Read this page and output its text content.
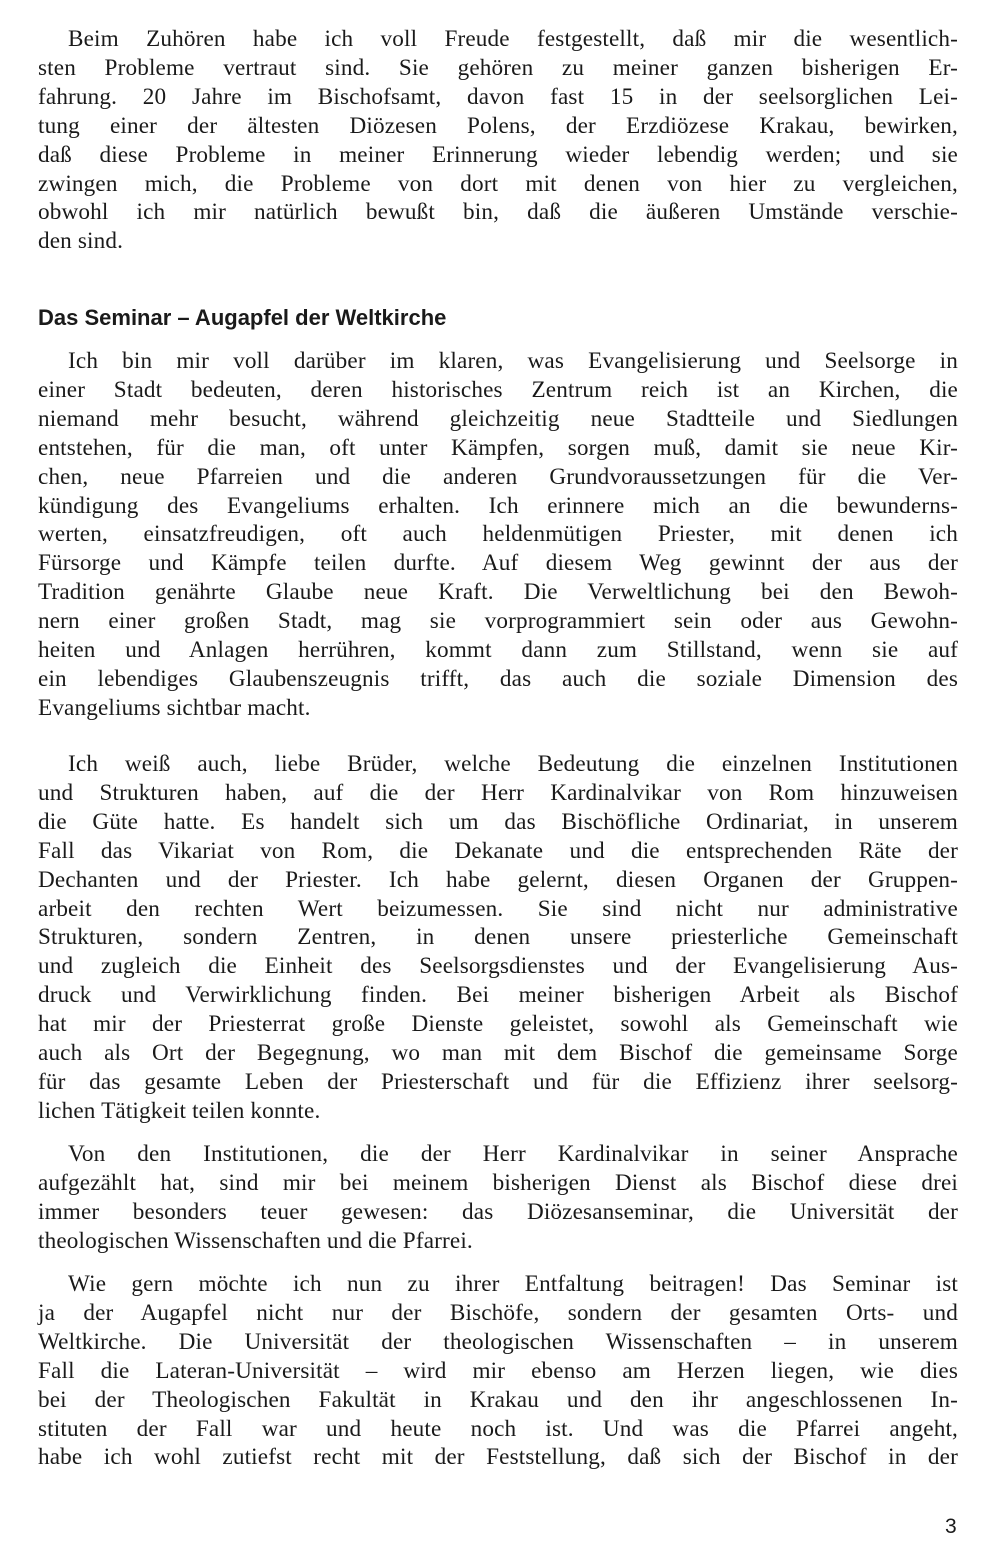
Beim Zuhören habe ich voll Freude festgestellt, daß mir die wesentlich-
sten Probleme vertraut sind. Sie gehören zu meiner ganzen bisherigen Er-
fahrung. 20 Jahre im Bischofsamt, davon fast 15 in der seelsorglichen Lei-
tung einer der ältesten Diözesen Polens, der Erzdiözese Krakau, bewirken,
daß diese Probleme in meiner Erinnerung wieder lebendig werden; und sie
zwingen mich, die Probleme von dort mit denen von hier zu vergleichen,
obwohl ich mir natürlich bewußt bin, daß die äußeren Umstände verschie-
den sind.
Das Seminar – Augapfel der Weltkirche
Ich bin mir voll darüber im klaren, was Evangelisierung und Seelsorge in
einer Stadt bedeuten, deren historisches Zentrum reich ist an Kirchen, die
niemand mehr besucht, während gleichzeitig neue Stadtteile und Siedlungen
entstehen, für die man, oft unter Kämpfen, sorgen muß, damit sie neue Kir-
chen, neue Pfarreien und die anderen Grundvoraussetzungen für die Ver-
kündigung des Evangeliums erhalten. Ich erinnere mich an die bewunderns-
werten, einsatzfreudigen, oft auch heldenmütigen Priester, mit denen ich
Fürsorge und Kämpfe teilen durfte. Auf diesem Weg gewinnt der aus der
Tradition genährte Glaube neue Kraft. Die Verweltlichung bei den Bewoh-
nern einer großen Stadt, mag sie vorprogrammiert sein oder aus Gewohn-
heiten und Anlagen herrühren, kommt dann zum Stillstand, wenn sie auf
ein lebendiges Glaubenszeugnis trifft, das auch die soziale Dimension des
Evangeliums sichtbar macht.
Ich weiß auch, liebe Brüder, welche Bedeutung die einzelnen Institutionen
und Strukturen haben, auf die der Herr Kardinalvikar von Rom hinzuweisen
die Güte hatte. Es handelt sich um das Bischöfliche Ordinariat, in unserem
Fall das Vikariat von Rom, die Dekanate und die entsprechenden Räte der
Dechanten und der Priester. Ich habe gelernt, diesen Organen der Gruppen-
arbeit den rechten Wert beizumessen. Sie sind nicht nur administrative
Strukturen, sondern Zentren, in denen unsere priesterliche Gemeinschaft
und zugleich die Einheit des Seelsorgsdienstes und der Evangelisierung Aus-
druck und Verwirklichung finden. Bei meiner bisherigen Arbeit als Bischof
hat mir der Priesterrat große Dienste geleistet, sowohl als Gemeinschaft wie
auch als Ort der Begegnung, wo man mit dem Bischof die gemeinsame Sorge
für das gesamte Leben der Priesterschaft und für die Effizienz ihrer seelsorg-
lichen Tätigkeit teilen konnte.
Von den Institutionen, die der Herr Kardinalvikar in seiner Ansprache
aufgezählt hat, sind mir bei meinem bisherigen Dienst als Bischof diese drei
immer besonders teuer gewesen: das Diözesanseminar, die Universität der
theologischen Wissenschaften und die Pfarrei.
Wie gern möchte ich nun zu ihrer Entfaltung beitragen! Das Seminar ist
ja der Augapfel nicht nur der Bischöfe, sondern der gesamten Orts- und
Weltkirche. Die Universität der theologischen Wissenschaften – in unserem
Fall die Lateran-Universität – wird mir ebenso am Herzen liegen, wie dies
bei der Theologischen Fakultät in Krakau und den ihr angeschlossenen In-
stituten der Fall war und heute noch ist. Und was die Pfarrei angeht,
habe ich wohl zutiefst recht mit der Feststellung, daß sich der Bischof in der
3
